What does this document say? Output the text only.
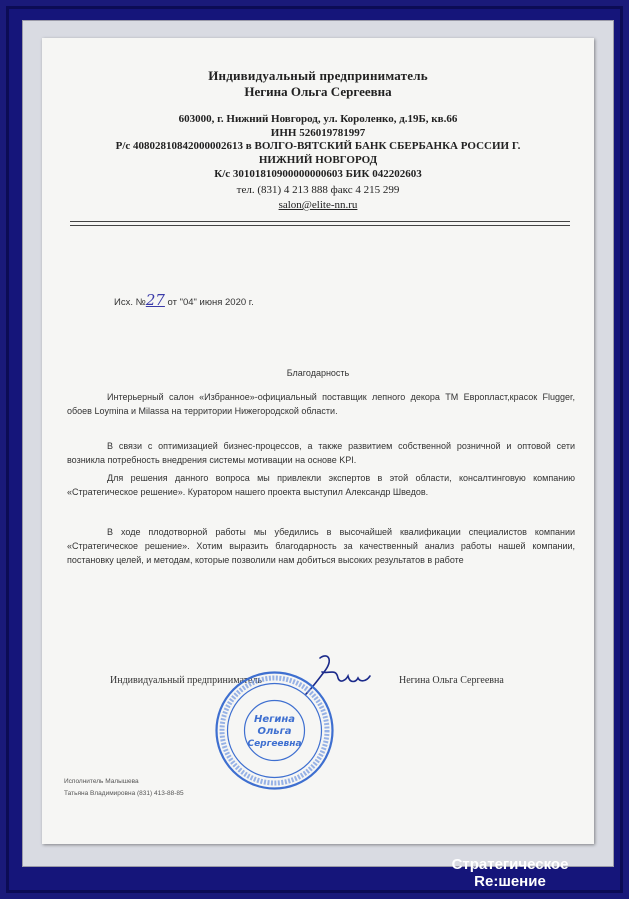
Индивидуальный предприниматель
Негина Ольга Сергеевна
603000, г. Нижний Новгород, ул. Короленко, д.19Б, кв.66
ИНН 526019781997
Р/с 40802810842000002613 в ВОЛГО-ВЯТСКИЙ БАНК СБЕРБАНКА РОССИИ Г.
НИЖНИЙ НОВГОРОД
К/с 30101810900000000603 БИК 042202603
тел. (831) 4 213 888 факс 4 215 299
salon@elite-nn.ru
Исх. №27 от "04" июня 2020 г.
Благодарность
Интерьерный салон «Избранное»-официальный поставщик лепного декора ТМ Европласт,красок Flugger, обоев Loymina и Milassa на территории Нижегородской области.
В связи с оптимизацией бизнес-процессов, а также развитием собственной розничной и оптовой сети возникла потребность внедрения системы мотивации на основе KPI.
Для решения данного вопроса мы привлекли экспертов в этой области, консалтинговую компанию «Стратегическое решение». Куратором нашего проекта выступил Александр Шведов.
В ходе плодотворной работы мы убедились в высочайшей квалификации специалистов компании «Стратегическое решение». Хотим выразить благодарность за качественный анализ работы нашей компании, постановку целей, и методам, которые позволили нам добиться высоких результатов в работе
Индивидуальный предприниматель	Негина Ольга Сергеевна
Негина
Ольга
Сергеевна
Исполнитель Малышева
Татьяна Владимировна (831) 413-88-85
Стратегическое
Re:шение
